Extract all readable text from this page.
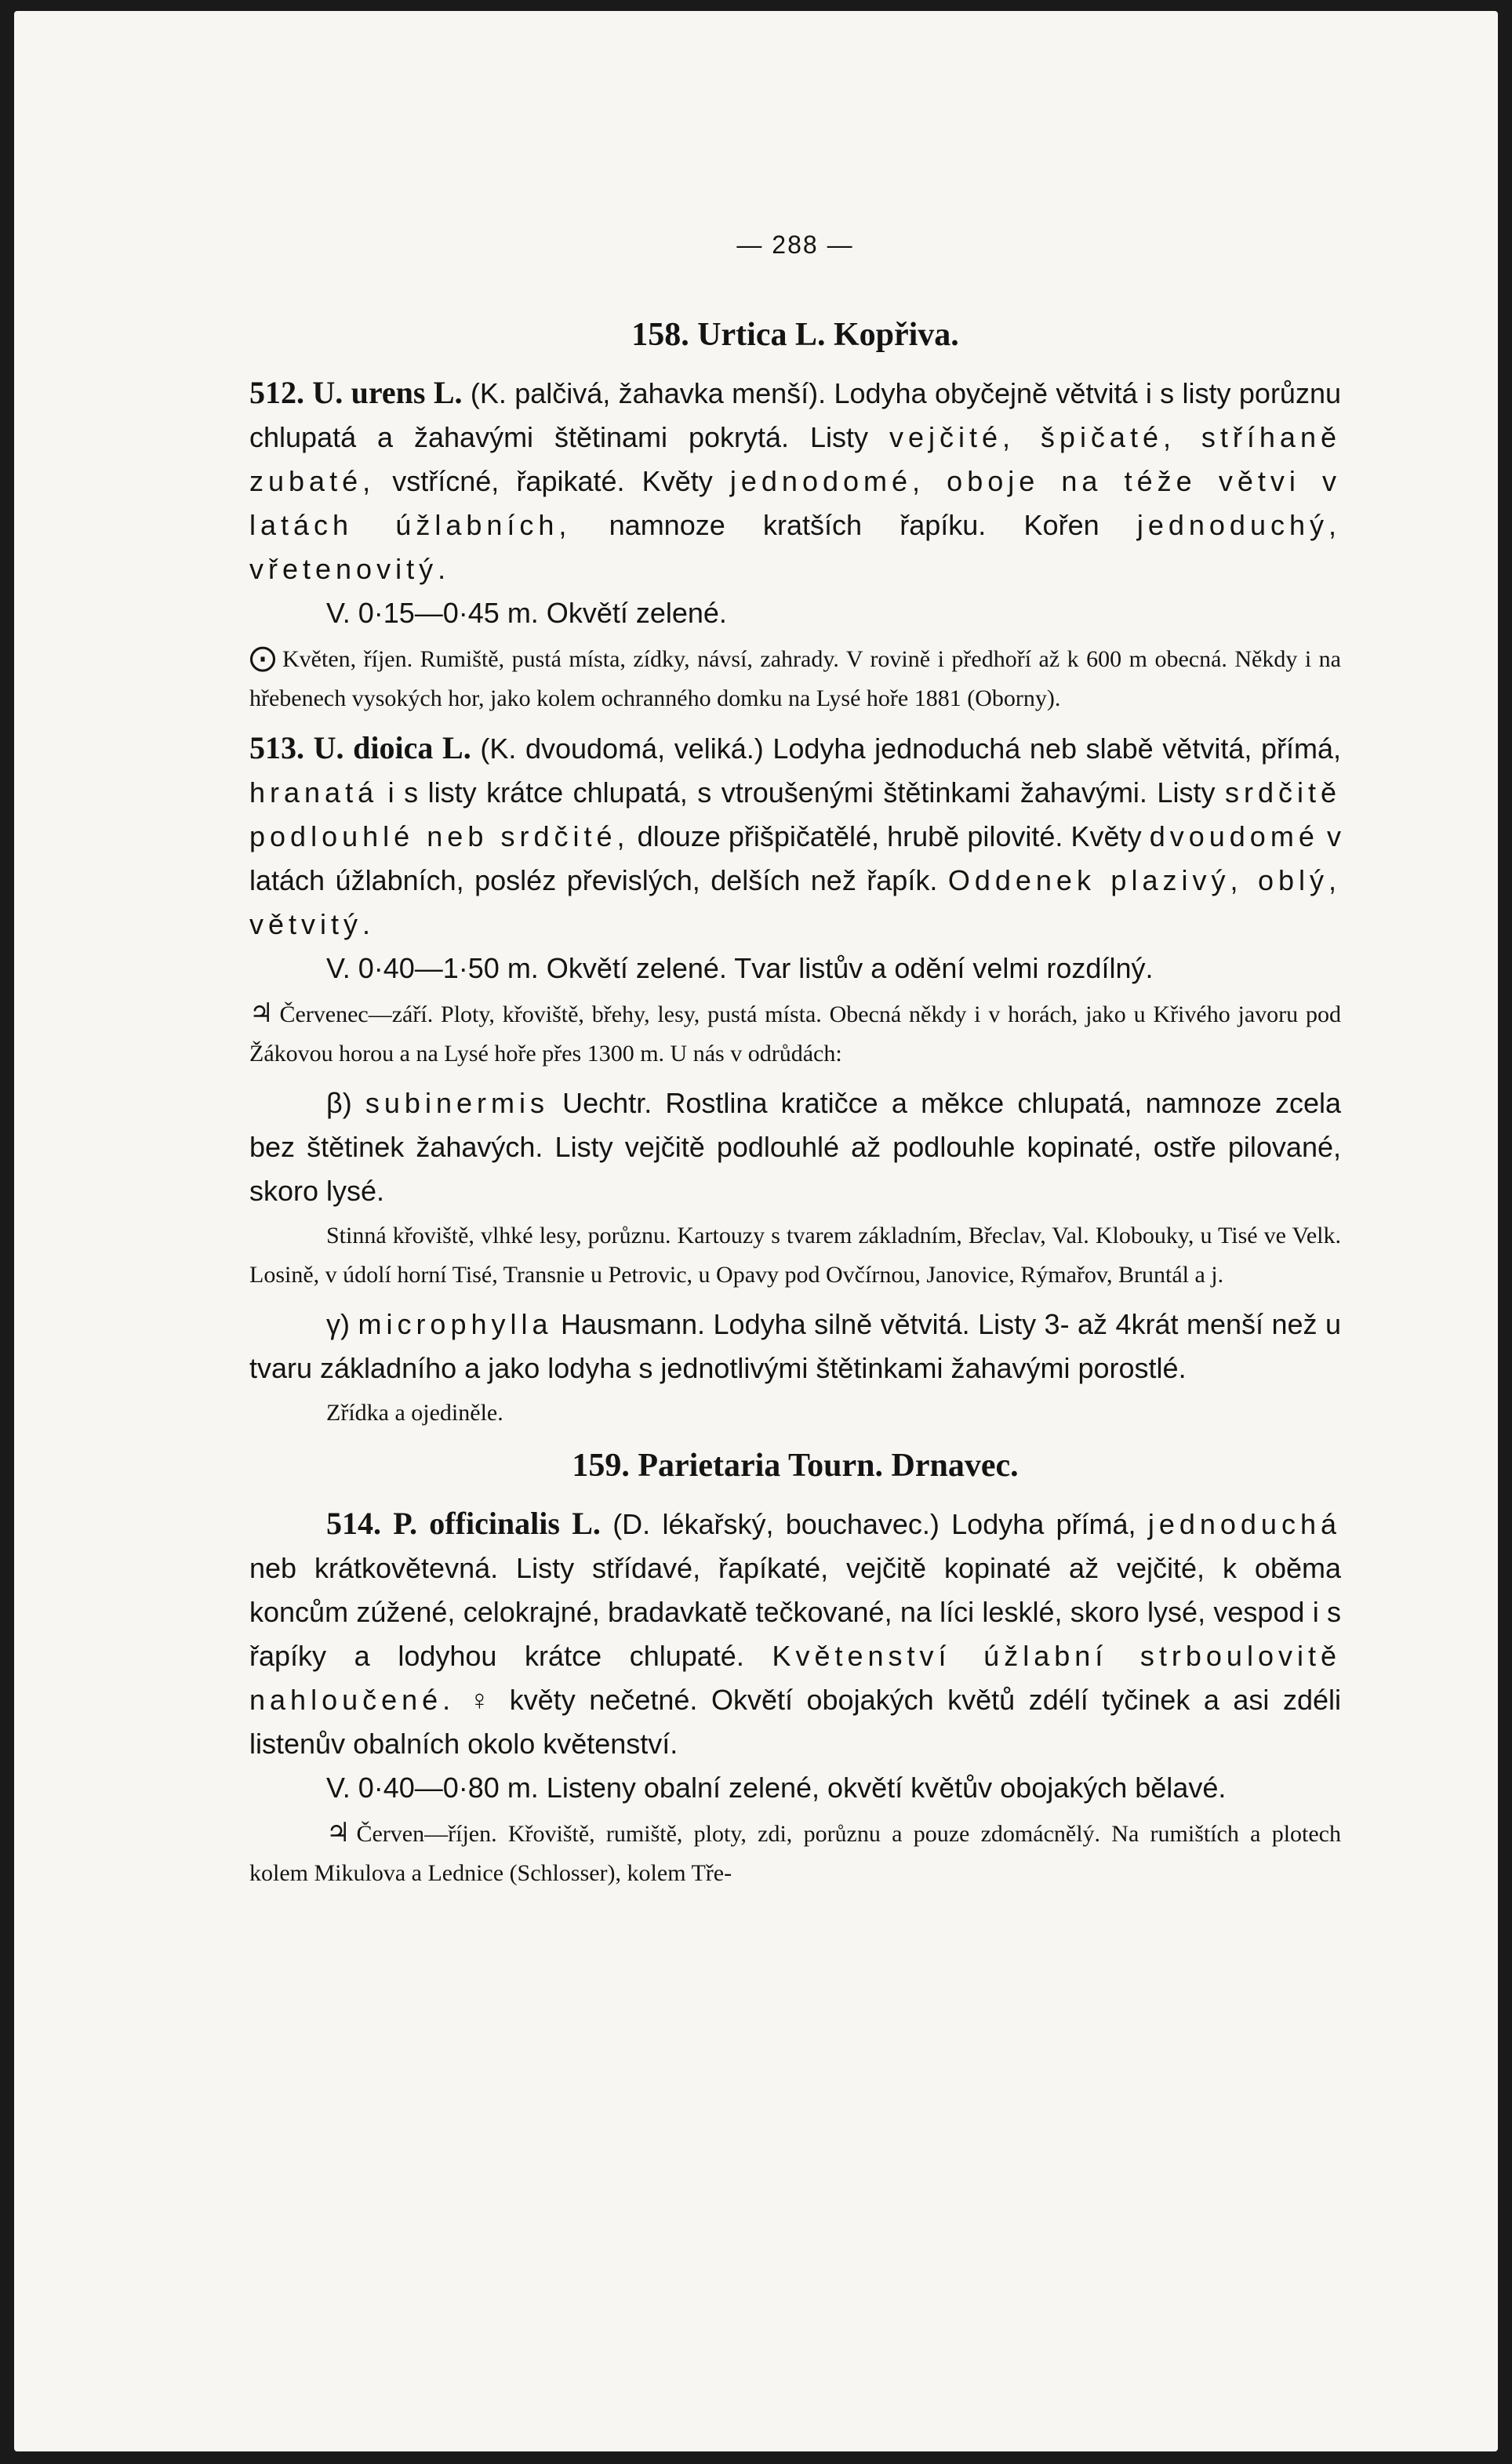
— 288 —
158. Urtica L. Kopřiva.

512. U. urens L. (K. palčivá, žahavka menší). Lodyha obyčejně větvitá i s listy porůznu chlupatá a žahavými štětinami pokrytá. Listy vejčité, špičaté, stříhaně zubaté, vstřícné, řapikaté. Květy jednodomé, oboje na téže větvi v latách úžlabních, namnoze kratších řapíku. Kořen jednoduchý, vřetenovitý.

V. 0·15—0·45 m. Okvětí zelené.

⨀ Květen, říjen. Rumiště, pustá místa, zídky, návsí, zahrady. V rovině i předhoří až k 600 m obecná. Někdy i na hřebenech vysokých hor, jako kolem ochranného domku na Lysé hoře 1881 (Oborny).

513. U. dioica L. (K. dvoudomá, veliká.) Lodyha jednoduchá neb slabě větvitá, přímá, hranatá i s listy krátce chlupatá, s vtroušenými štětinkami žahavými. Listy srdčitě podlouhlé neb srdčité, dlouze přišpičatělé, hrubě pilovité. Květy dvoudomé v latách úžlabních, posléz převislých, delších než řapík. Oddenek plazivý, oblý, větvitý.

V. 0·40—1·50 m. Okvětí zelené. Tvar listův a odění velmi rozdílný.

♃ Červenec—září. Ploty, křoviště, břehy, lesy, pustá místa. Obecná někdy i v horách, jako u Křivého javoru pod Žákovou horou a na Lysé hoře přes 1300 m. U nás v odrůdách:

β) subinermis Uechtr. Rostlina kratičce a měkce chlupatá, namnoze zcela bez štětinek žahavých. Listy vejčitě podlouhlé až podlouhle kopinaté, ostře pilované, skoro lysé.

Stinná křoviště, vlhké lesy, porůznu. Kartouzy s tvarem základním, Břeclav, Val. Klobouky, u Tisé ve Velk. Losině, v údolí horní Tisé, Transnie u Petrovic, u Opavy pod Ovčírnou, Janovice, Rýmařov, Bruntál a j.

γ) microphylla Hausmann. Lodyha silně větvitá. Listy 3- až 4krát menší než u tvaru základního a jako lodyha s jednotlivými štětinkami žahavými porostlé.

Zřídka a ojediněle.

159. Parietaria Tourn. Drnavec.

514. P. officinalis L. (D. lékařský, bouchavec.) Lodyha přímá, jednoduchá neb krátkovětevná. Listy střídavé, řapíkaté, vejčitě kopinaté až vejčité, k oběma koncům zúžené, celokrajné, bradavkatě tečkované, na líci lesklé, skoro lysé, vespod i s řapíky a lodyhou krátce chlupaté. Květenství úžlabní strboulovitě nahloučené. ♀ květy nečetné. Okvětí obojakých květů zdélí tyčinek a asi zdéli listenův obalních okolo květenství.

V. 0·40—0·80 m. Listeny obalní zelené, okvětí květův obojakých bělavé.

♃ Červen—říjen. Křoviště, rumiště, ploty, zdi, porůznu a pouze zdomácnělý. Na rumištích a plotech kolem Mikulova a Lednice (Schlosser), kolem Tře-
